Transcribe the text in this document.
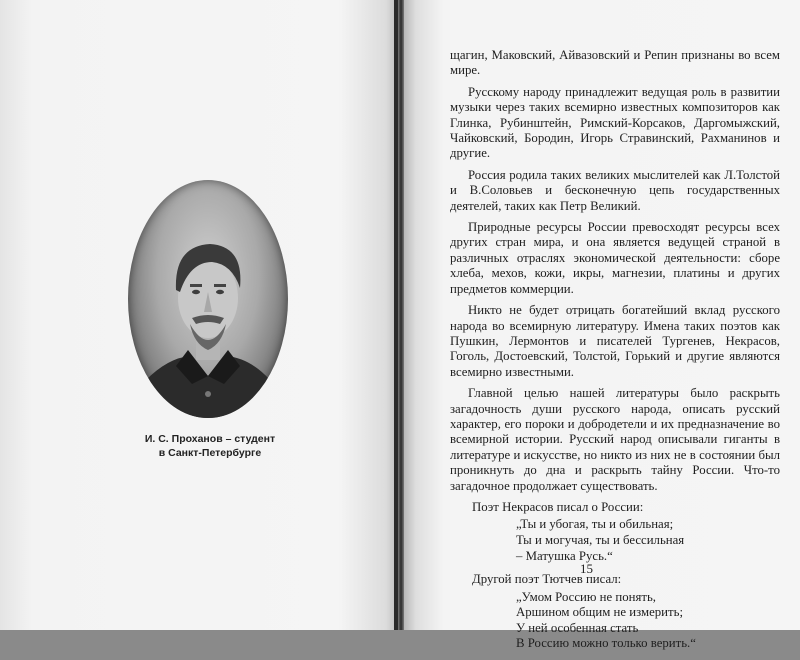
И. С. Проханов – студент
в Санкт-Петербурге

щагин, Маковский, Айвазовский и Репин признаны во всем мире.

Русскому народу принадлежит ведущая роль в развитии музыки через таких всемирно известных композиторов как Глинка, Рубинштейн, Римский-Корсаков, Даргомыжский, Чайковский, Бородин, Игорь Стравинский, Рахманинов и другие.

Россия родила таких великих мыслителей как Л.Толстой и В.Соловьев и бесконечную цепь государственных деятелей, таких как Петр Великий.

Природные ресурсы России превосходят ресурсы всех других стран мира, и она является ведущей страной в различных отраслях экономической деятельности: сборе хлеба, мехов, кожи, икры, магнезии, платины и других предметов коммерции.

Никто не будет отрицать богатейший вклад русского народа во всемирную литературу. Имена таких поэтов как Пушкин, Лермонтов и писателей Тургенев, Некрасов, Гоголь, Достоевский, Толстой, Горький и другие являются всемирно известными.

Главной целью нашей литературы было раскрыть загадочность души русского народа, описать русский характер, его пороки и добродетели и их предназначение во всемирной истории. Русский народ описывали гиганты в литературе и искусстве, но никто из них не в состоянии был проникнуть до дна и раскрыть тайну России. Что-то загадочное продолжает существовать.

Поэт Некрасов писал о России:
„Ты и убогая, ты и обильная;
Ты и могучая, ты и бессильная
– Матушка Русь.“
Другой поэт Тютчев писал:
„Умом Россию не понять,
Аршином общим не измерить;
У ней особенная стать
В Россию можно только верить.“
15
